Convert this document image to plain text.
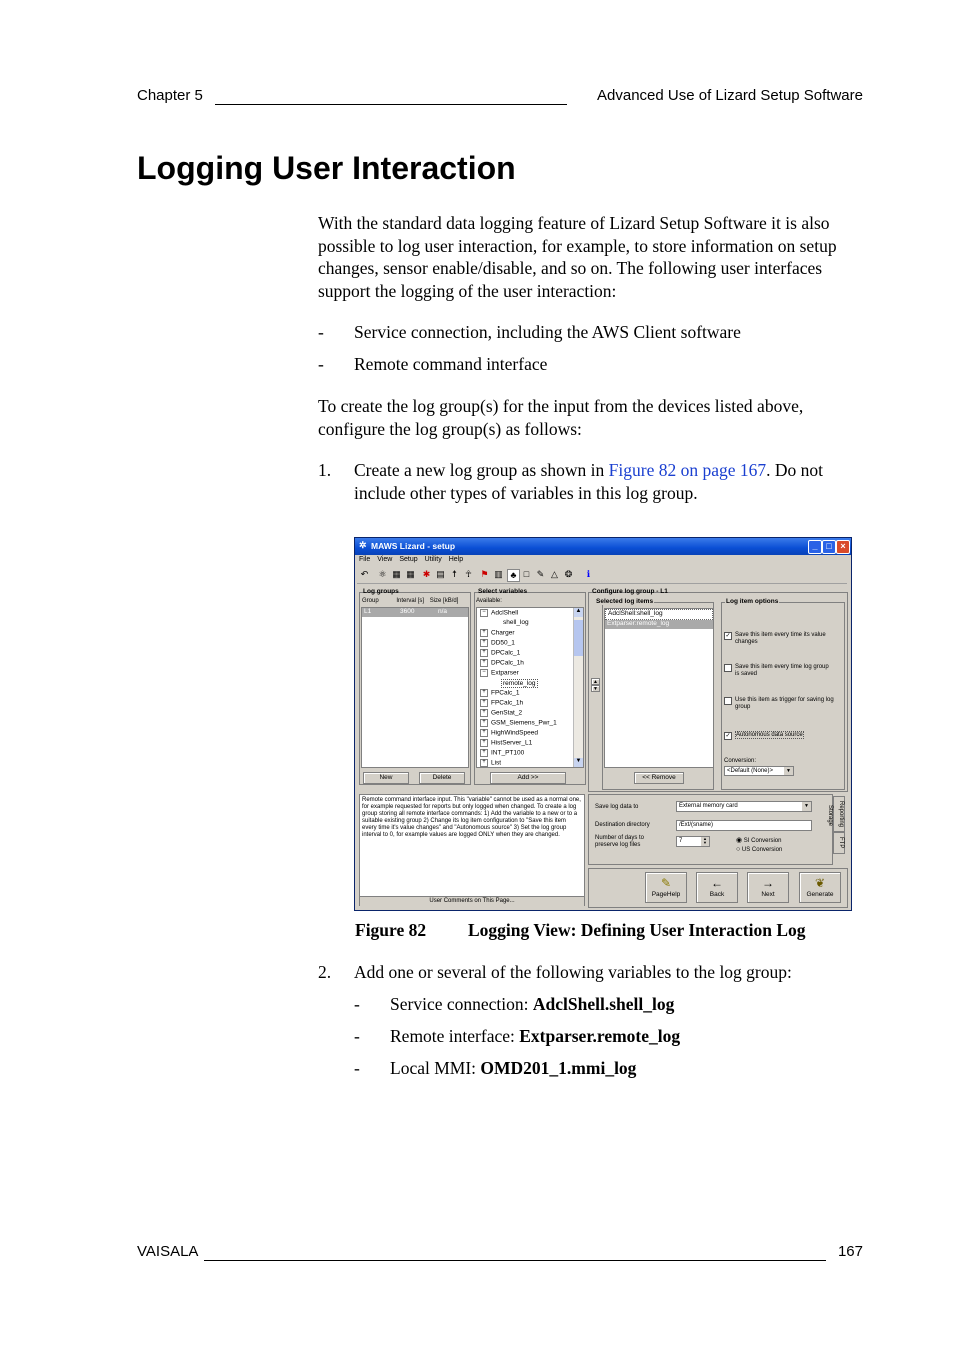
Chapter 5	Advanced Use of Lizard Setup Software
Logging User Interaction
With the standard data logging feature of Lizard Setup Software it is also possible to log user interaction, for example, to store information on setup changes, sensor enable/disable, and so on. The following user interfaces support the logging of the user interaction:
- Service connection, including the AWS Client software
- Remote command interface
To create the log group(s) for the input from the devices listed above, configure the log group(s) as follows:
1. Create a new log group as shown in Figure 82 on page 167. Do not include other types of variables in this log group.
✲ MAWS Lizard - setup	_ □ ×
File View Setup Utility Help
↶ ⚛ ▦ ▦ ✱ ▤ ☨ ☥ ⚑ ▥ ♣ □ ✎ △ ❂	ℹ
Log groups
Group	Interval [s] Size [kB/d]
L1	3600	n/a
New	Delete
Select variables
Available:
− AdclShell
shell_log
+ Charger
+ DD50_1
+ DPCalc_1
+ DPCalc_1h
− Extparser
remote_log
+ FPCalc_1
+ FPCalc_1h
+ GenStat_2
+ GSM_Siemens_Pwr_1
+ HighWindSpeed
+ HistServer_L1
+ INT_PT100
+ List
▲
▼
Add >>
▲
▼
Configure log group - L1
Selected log items
AdclShell:shell_log
Extparser:remote_log
<< Remove
Log item options
✓ Save this item every time its value changes
Save this item every time log group is saved
Use this item as trigger for saving log group
✓ Autonomous data source
Conversion:
<Default (None)>	▼
Remote command interface input. This "variable" cannot be used as a normal one, for example requested for reports but only logged when changed. To create a log group storing all remote interface commands: 1) Add the variable to a new or to a suitable existing group 2) Change its log item configuration to "Save this item every time it's value changes" and "Autonomous source" 3) Set the log group interval to 0, for example values are logged ONLY when they are changed.
User Comments on This Page...
Save log data to	External memory card	▼
Destination directory	/Ext/(sname)
Number of days to preserve log files
7	▲
▼	◉ SI Conversion
○ US Conversion
Reporting
Storage
FTP
✎
PageHelp
←
Back
→
Next
❦
Generate
Figure 82 Logging View: Defining User Interaction Log
2. Add one or several of the following variables to the log group:
- Service connection: AdclShell.shell_log
- Remote interface: Extparser.remote_log
- Local MMI: OMD201_1.mmi_log
VAISALA	167
